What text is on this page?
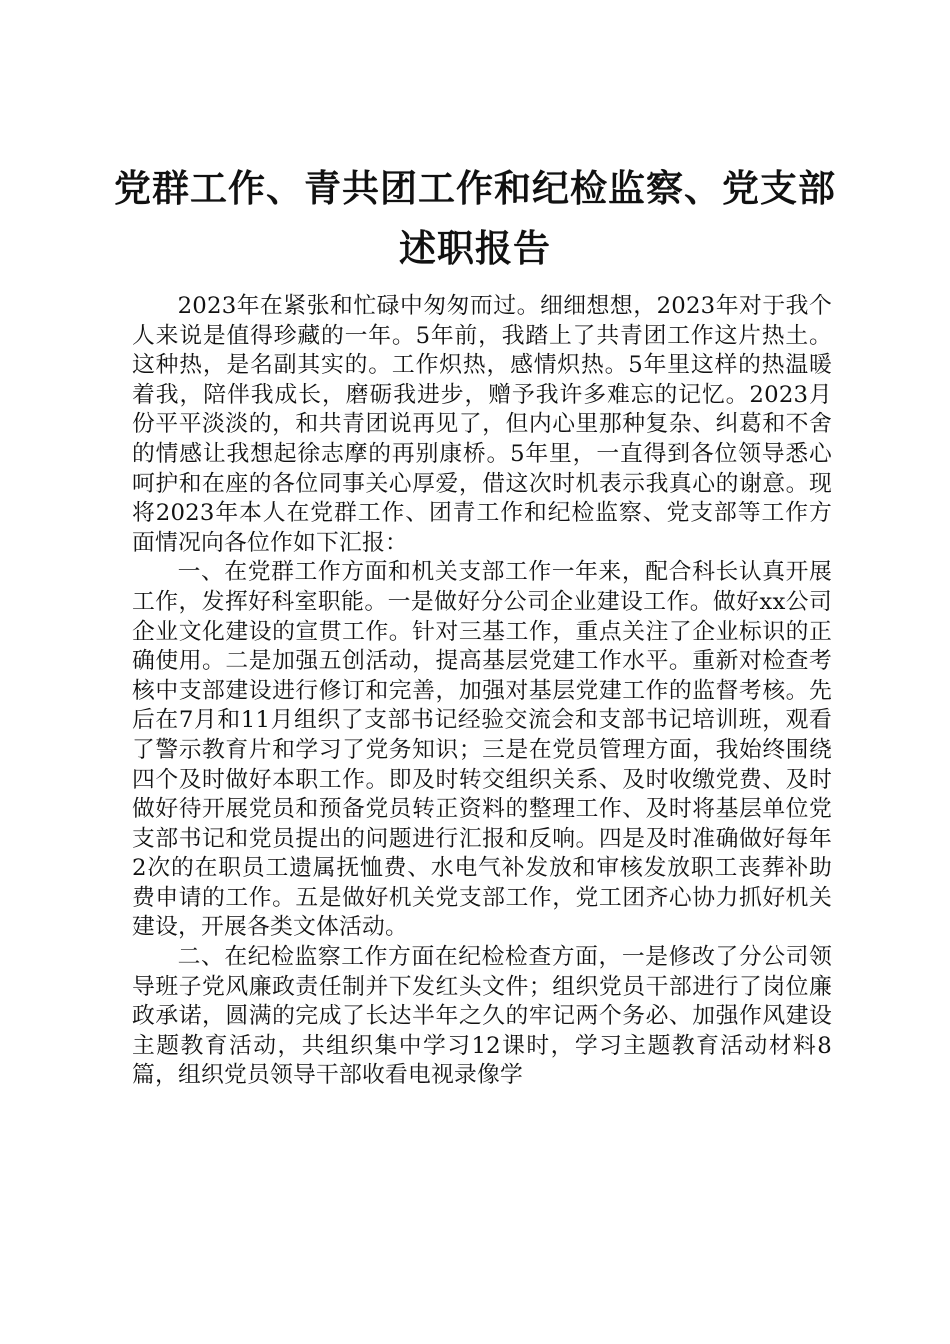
党群工作、青共团工作和纪检监察、党支部述职报告

2023年在紧张和忙碌中匆匆而过。细细想想，2023年对于我个人来说是值得珍藏的一年。5年前，我踏上了共青团工作这片热土。这种热，是名副其实的。工作炽热，感情炽热。5年里这样的热温暖着我，陪伴我成长，磨砺我进步，赠予我许多难忘的记忆。2023月份平平淡淡的，和共青团说再见了，但内心里那种复杂、纠葛和不舍的情感让我想起徐志摩的再别康桥。5年里，一直得到各位领导悉心呵护和在座的各位同事关心厚爱，借这次时机表示我真心的谢意。现将2023年本人在党群工作、团青工作和纪检监察、党支部等工作方面情况向各位作如下汇报：

一、在党群工作方面和机关支部工作一年来，配合科长认真开展工作，发挥好科室职能。一是做好分公司企业建设工作。做好xx公司企业文化建设的宣贯工作。针对三基工作，重点关注了企业标识的正确使用。二是加强五创活动，提高基层党建工作水平。重新对检查考核中支部建设进行修订和完善，加强对基层党建工作的监督考核。先后在7月和11月组织了支部书记经验交流会和支部书记培训班，观看了警示教育片和学习了党务知识；三是在党员管理方面，我始终围绕四个及时做好本职工作。即及时转交组织关系、及时收缴党费、及时做好待开展党员和预备党员转正资料的整理工作、及时将基层单位党支部书记和党员提出的问题进行汇报和反响。四是及时准确做好每年2次的在职员工遗属抚恤费、水电气补发放和审核发放职工丧葬补助费申请的工作。五是做好机关党支部工作，党工团齐心协力抓好机关建设，开展各类文体活动。

二、在纪检监察工作方面在纪检检查方面，一是修改了分公司领导班子党风廉政责任制并下发红头文件；组织党员干部进行了岗位廉政承诺，圆满的完成了长达半年之久的牢记两个务必、加强作风建设主题教育活动，共组织集中学习12课时，学习主题教育活动材料8篇，组织党员领导干部收看电视录像学
